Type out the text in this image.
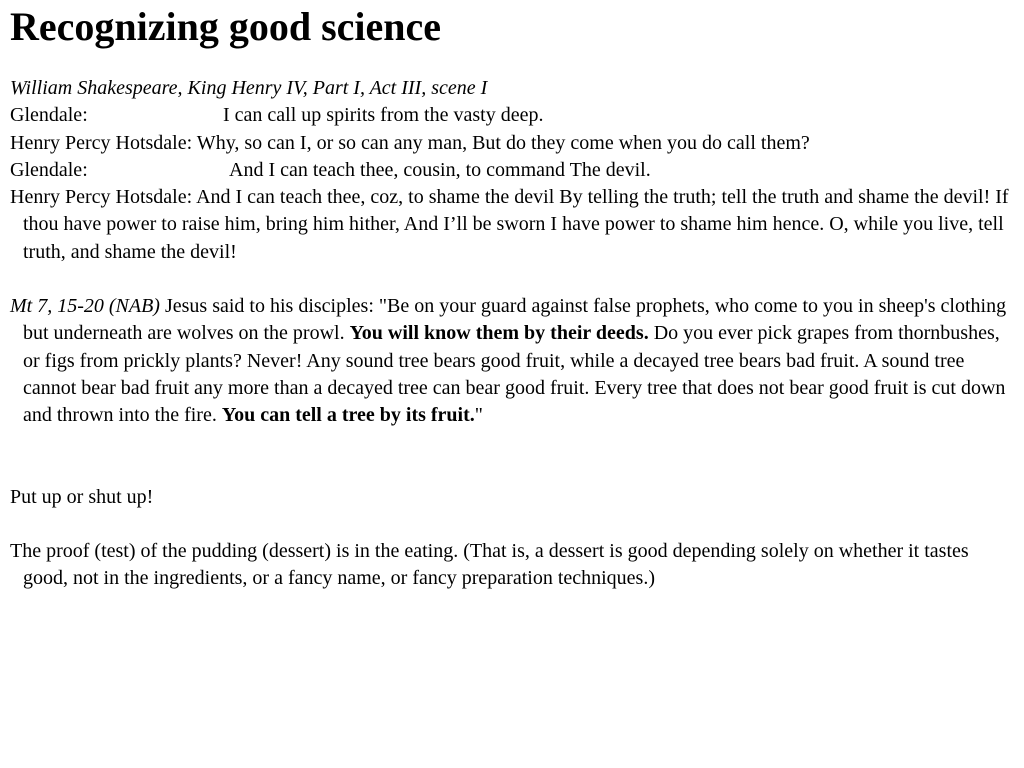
Recognizing good science

William Shakespeare, King Henry IV, Part I, Act III, scene I

Glendale:	I can call up spirits from the vasty deep.

Henry Percy Hotsdale: Why, so can I, or so can any man, But do they come when you do call them?

Glendale:	And I can teach thee, cousin, to command The devil.

Henry Percy Hotsdale: And I can teach thee, coz, to shame the devil By telling the truth; tell the truth and shame the devil! If thou have power to raise him, bring him hither, And I’ll be sworn I have power to shame him hence. O, while you live, tell truth, and shame the devil!

Mt 7, 15-20 (NAB) Jesus said to his disciples: "Be on your guard against false prophets, who come to you in sheep's clothing but underneath are wolves on the prowl. You will know them by their deeds. Do you ever pick grapes from thornbushes, or figs from prickly plants? Never! Any sound tree bears good fruit, while a decayed tree bears bad fruit. A sound tree cannot bear bad fruit any more than a decayed tree can bear good fruit. Every tree that does not bear good fruit is cut down and thrown into the fire. You can tell a tree by its fruit."

Put up or shut up!

The proof (test) of the pudding (dessert) is in the eating. (That is, a dessert is good depending solely on whether it tastes good, not in the ingredients, or a fancy name, or fancy preparation techniques.)
